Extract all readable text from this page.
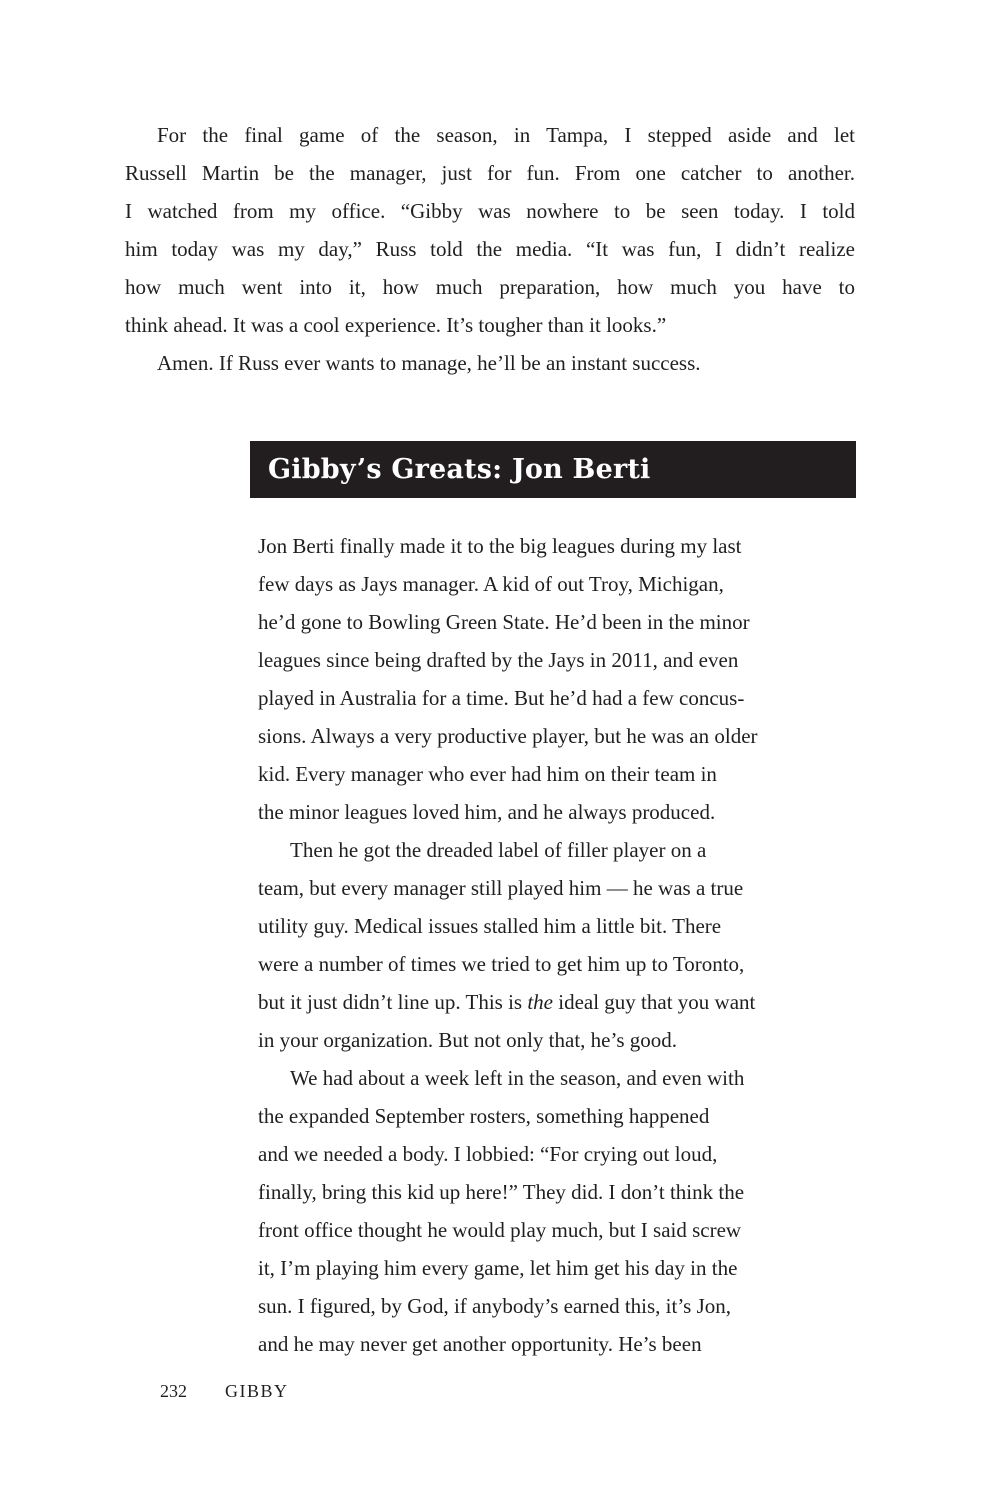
For the final game of the season, in Tampa, I stepped aside and let
Russell Martin be the manager, just for fun. From one catcher to another.
I watched from my office. “Gibby was nowhere to be seen today. I told
him today was my day,” Russ told the media. “It was fun, I didn’t realize
how much went into it, how much preparation, how much you have to
think ahead. It was a cool experience. It’s tougher than it looks.”
Amen. If Russ ever wants to manage, he’ll be an instant success.
Gibby’s Greats: Jon Berti
Jon Berti finally made it to the big leagues during my last
few days as Jays manager. A kid of out Troy, Michigan,
he’d gone to Bowling Green State. He’d been in the minor
leagues since being drafted by the Jays in 2011, and even
played in Australia for a time. But he’d had a few concus-
sions. Always a very productive player, but he was an older
kid. Every manager who ever had him on their team in
the minor leagues loved him, and he always produced.
Then he got the dreaded label of filler player on a
team, but every manager still played him — he was a true
utility guy. Medical issues stalled him a little bit. There
were a number of times we tried to get him up to Toronto,
but it just didn’t line up. This is the ideal guy that you want
in your organization. But not only that, he’s good.
We had about a week left in the season, and even with
the expanded September rosters, something happened
and we needed a body. I lobbied: “For crying out loud,
finally, bring this kid up here!” They did. I don’t think the
front office thought he would play much, but I said screw
it, I’m playing him every game, let him get his day in the
sun. I figured, by God, if anybody’s earned this, it’s Jon,
and he may never get another opportunity. He’s been
232 GIBBY
